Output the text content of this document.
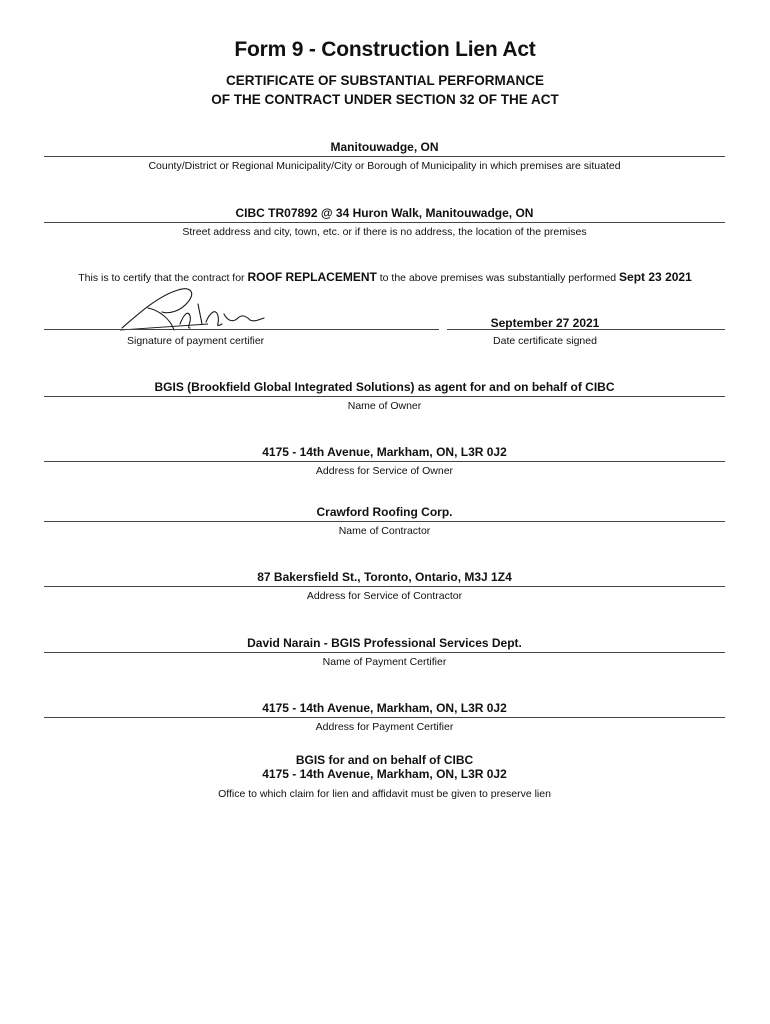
Form 9 - Construction Lien Act
CERTIFICATE OF SUBSTANTIAL PERFORMANCE
OF THE CONTRACT UNDER SECTION 32 OF THE ACT
Manitouwadge, ON
County/District or Regional Municipality/City or Borough of Municipality in which premises are situated
CIBC TR07892 @ 34 Huron Walk, Manitouwadge, ON
Street address and city, town, etc. or if there is no address, the location of the premises
This is to certify that the contract for ROOF REPLACEMENT to the above premises was substantially performed Sept 23 2021
Signature of payment certifier
September 27 2021
Date certificate signed
BGIS (Brookfield Global Integrated Solutions) as agent for and on behalf of CIBC
Name of Owner
4175 - 14th Avenue, Markham, ON, L3R 0J2
Address for Service of Owner
Crawford Roofing Corp.
Name of Contractor
87 Bakersfield St., Toronto, Ontario, M3J 1Z4
Address for Service of Contractor
David Narain - BGIS Professional Services Dept.
Name of Payment Certifier
4175 - 14th Avenue, Markham, ON, L3R 0J2
Address for Payment Certifier
BGIS for and on behalf of CIBC
4175 - 14th Avenue, Markham, ON, L3R 0J2
Office to which claim for lien and affidavit must be given to preserve lien
